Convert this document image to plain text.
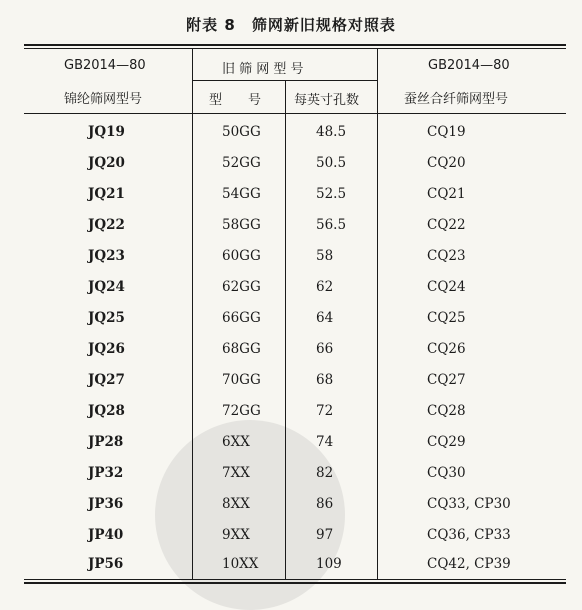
附表 8　筛网新旧规格对照表
GB2014—80
锦纶筛网型号
旧 筛 网 型 号
型　　号	每英寸孔数
GB2014—80
蚕丝合纤筛网型号
JQ19	50GG	48.5	CQ19
JQ20	52GG	50.5	CQ20
JQ21	54GG	52.5	CQ21
JQ22	58GG	56.5	CQ22
JQ23	60GG	58	CQ23
JQ24	62GG	62	CQ24
JQ25	66GG	64	CQ25
JQ26	68GG	66	CQ26
JQ27	70GG	68	CQ27
JQ28	72GG	72	CQ28
JP28	6XX	74	CQ29
JP32	7XX	82	CQ30
JP36	8XX	86	CQ33, CP30
JP40	9XX	97	CQ36, CP33
JP56	10XX	109	CQ42, CP39
